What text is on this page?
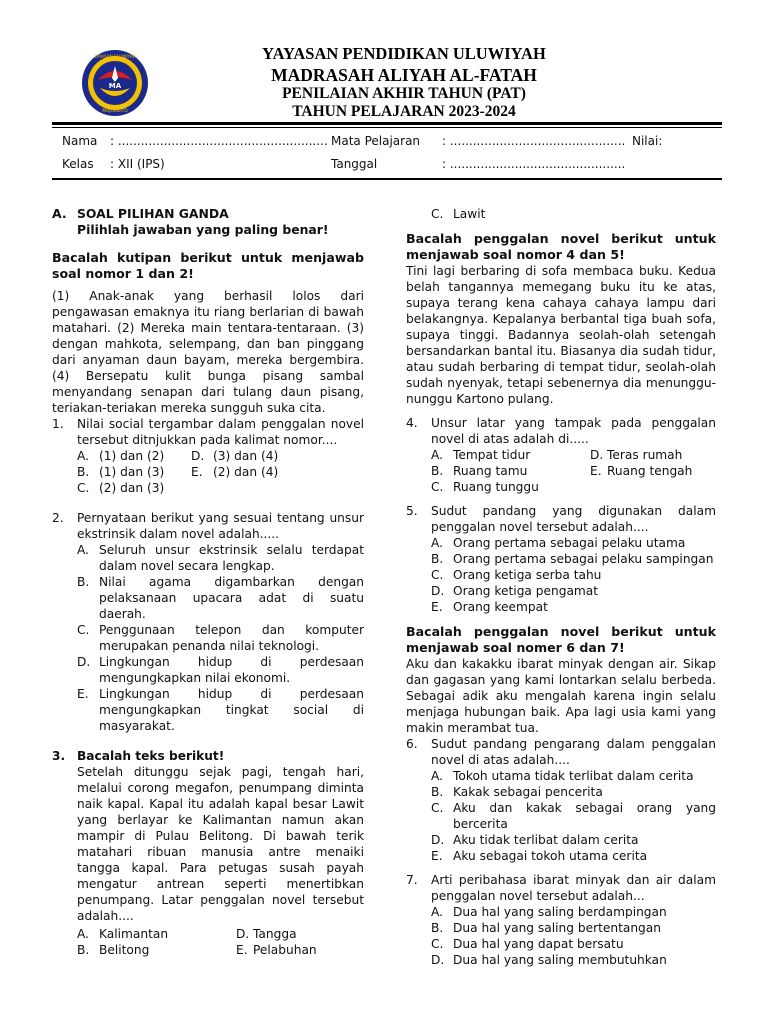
MA
YAYASAN ULUWIYAH
MOJOKERTO
YAYASAN PENDIDIKAN ULUWIYAH
MADRASAH ALIYAH AL-FATAH
PENILAIAN AKHIR TAHUN (PAT)
TAHUN PELAJARAN 2023-2024
Nama : ....................................................... Mata Pelajaran : .............................................. Nilai:
Kelas : XII (IPS)	Tanggal	: ..............................................
A. SOAL PILIHAN GANDA
Pilihlah jawaban yang paling benar!

Bacalah kutipan berikut untuk menjawab soal nomor 1 dan 2!

(1) Anak-anak yang berhasil lolos dari pengawasan emaknya itu riang berlarian di bawah matahari. (2) Mereka main tentara-tentaraan. (3) dengan mahkota, selempang, dan ban pinggang dari anyaman daun bayam, mereka bergembira. (4) Bersepatu kulit bunga pisang sambal menyandang senapan dari tulang daun pisang, teriakan-teriakan mereka sungguh suka cita.

1.	Nilai social tergambar dalam penggalan novel tersebut ditnjukkan pada kalimat nomor....
A. (1) dan (2) D. (3) dan (4)
B. (1) dan (3) E. (2) dan (4)
C. (2) dan (3)
2.	Pernyataan berikut yang sesuai tentang unsur ekstrinsik dalam novel adalah.....
A. Seluruh unsur ekstrinsik selalu terdapat dalam novel secara lengkap.
B. Nilai agama digambarkan dengan pelaksanaan upacara adat di suatu daerah.
C. Penggunaan telepon dan komputer merupakan penanda nilai teknologi.
D. Lingkungan hidup di perdesaan mengungkapkan nilai ekonomi.
E. Lingkungan hidup di perdesaan mengungkapkan tingkat social di masyarakat.
3. Bacalah teks berikut!

Setelah ditunggu sejak pagi, tengah hari, melalui corong megafon, penumpang diminta naik kapal. Kapal itu adalah kapal besar Lawit yang berlayar ke Kalimantan namun akan mampir di Pulau Belitong. Di bawah terik matahari ribuan manusia antre menaiki tangga kapal. Para petugas susah payah mengatur antrean seperti menertibkan penumpang. Latar penggalan novel tersebut adalah....

A. Kalimantan	D. Tangga
B. Belitong	E. Pelabuhan
C. Lawit

Bacalah penggalan novel berikut untuk menjawab soal nomor 4 dan 5!

Tini lagi berbaring di sofa membaca buku. Kedua belah tangannya memegang buku itu ke atas, supaya terang kena cahaya cahaya lampu dari belakangnya. Kepalanya berbantal tiga buah sofa, supaya tinggi. Badannya seolah-olah setengah bersandarkan bantal itu. Biasanya dia sudah tidur, atau sudah berbaring di tempat tidur, seolah-olah sudah nyenyak, tetapi sebenernya dia menunggu-nunggu Kartono pulang.

4.	Unsur latar yang tampak pada penggalan novel di atas adalah di.....
A. Tempat tidur	D. Teras rumah
B. Ruang tamu	E. Ruang tengah
C. Ruang tunggu
5.	Sudut pandang yang digunakan dalam penggalan novel tersebut adalah....
A. Orang pertama sebagai pelaku utama
B. Orang pertama sebagai pelaku sampingan
C. Orang ketiga serba tahu
D. Orang ketiga pengamat
E. Orang keempat

Bacalah penggalan novel berikut untuk menjawab soal nomer 6 dan 7!

Aku dan kakakku ibarat minyak dengan air. Sikap dan gagasan yang kami lontarkan selalu berbeda. Sebagai adik aku mengalah karena ingin selalu menjaga hubungan baik. Apa lagi usia kami yang makin merambat tua.

6.	Sudut pandang pengarang dalam penggalan novel di atas adalah....
A. Tokoh utama tidak terlibat dalam cerita
B. Kakak sebagai pencerita
C. Aku dan kakak sebagai orang yang bercerita
D. Aku tidak terlibat dalam cerita
E. Aku sebagai tokoh utama cerita
7.	Arti peribahasa ibarat minyak dan air dalam penggalan novel tersebut adalah...
A. Dua hal yang saling berdampingan
B. Dua hal yang saling bertentangan
C. Dua hal yang dapat bersatu
D. Dua hal yang saling membutuhkan
